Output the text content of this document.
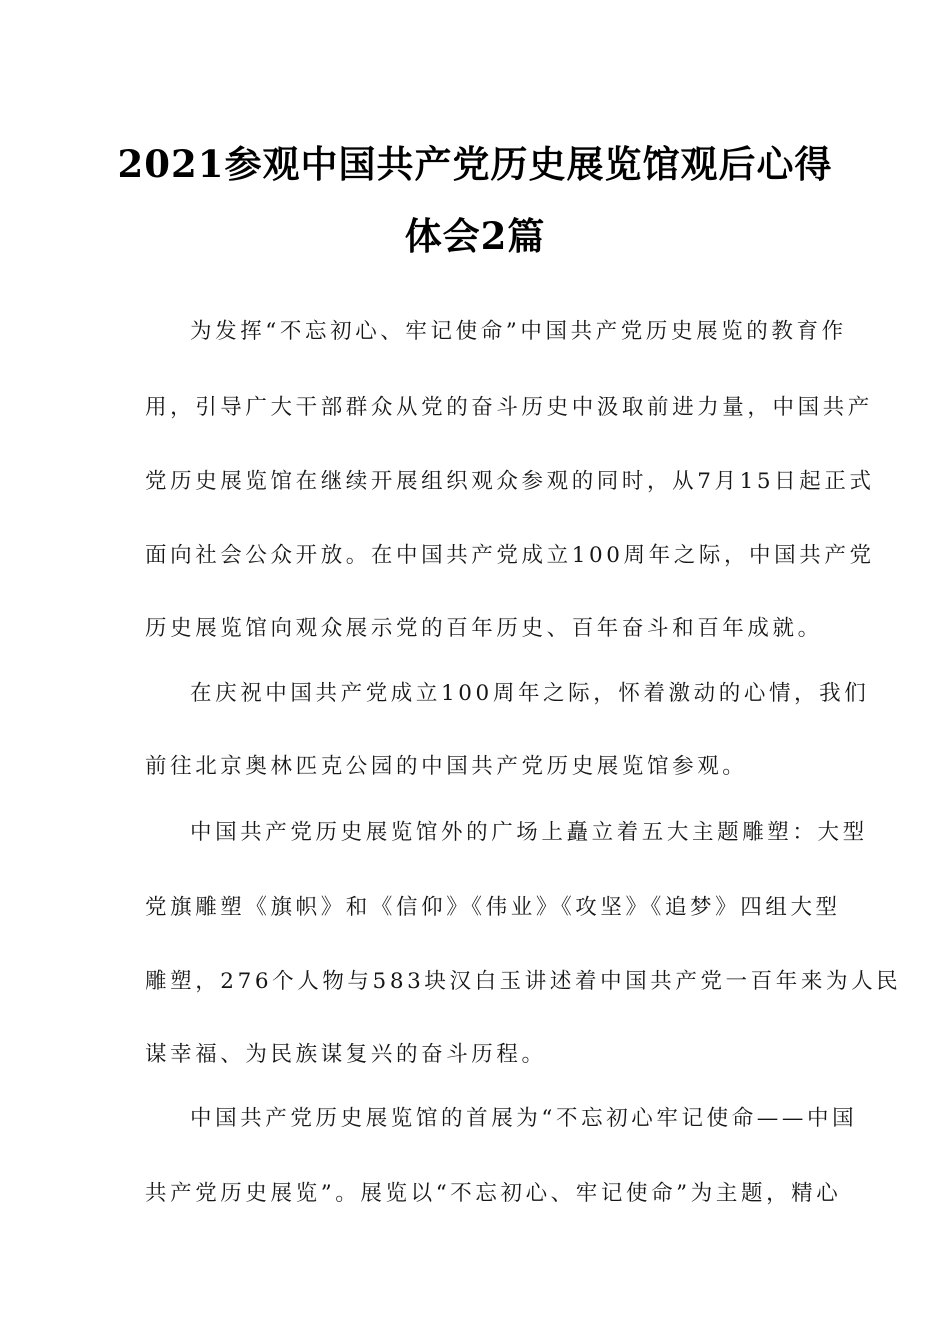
2021参观中国共产党历史展览馆观后心得
体会2篇
为发挥“不忘初心、牢记使命”中国共产党历史展览的教育作
用，引导广大干部群众从党的奋斗历史中汲取前进力量，中国共产
党历史展览馆在继续开展组织观众参观的同时，从7月15日起正式
面向社会公众开放。在中国共产党成立100周年之际，中国共产党
历史展览馆向观众展示党的百年历史、百年奋斗和百年成就。
在庆祝中国共产党成立100周年之际，怀着激动的心情，我们
前往北京奥林匹克公园的中国共产党历史展览馆参观。
中国共产党历史展览馆外的广场上矗立着五大主题雕塑：大型
党旗雕塑《旗帜》和《信仰》《伟业》《攻坚》《追梦》四组大型
雕塑，276个人物与583块汉白玉讲述着中国共产党一百年来为人民
谋幸福、为民族谋复兴的奋斗历程。
中国共产党历史展览馆的首展为“不忘初心牢记使命——中国
共产党历史展览”。展览以“不忘初心、牢记使命”为主题，精心
